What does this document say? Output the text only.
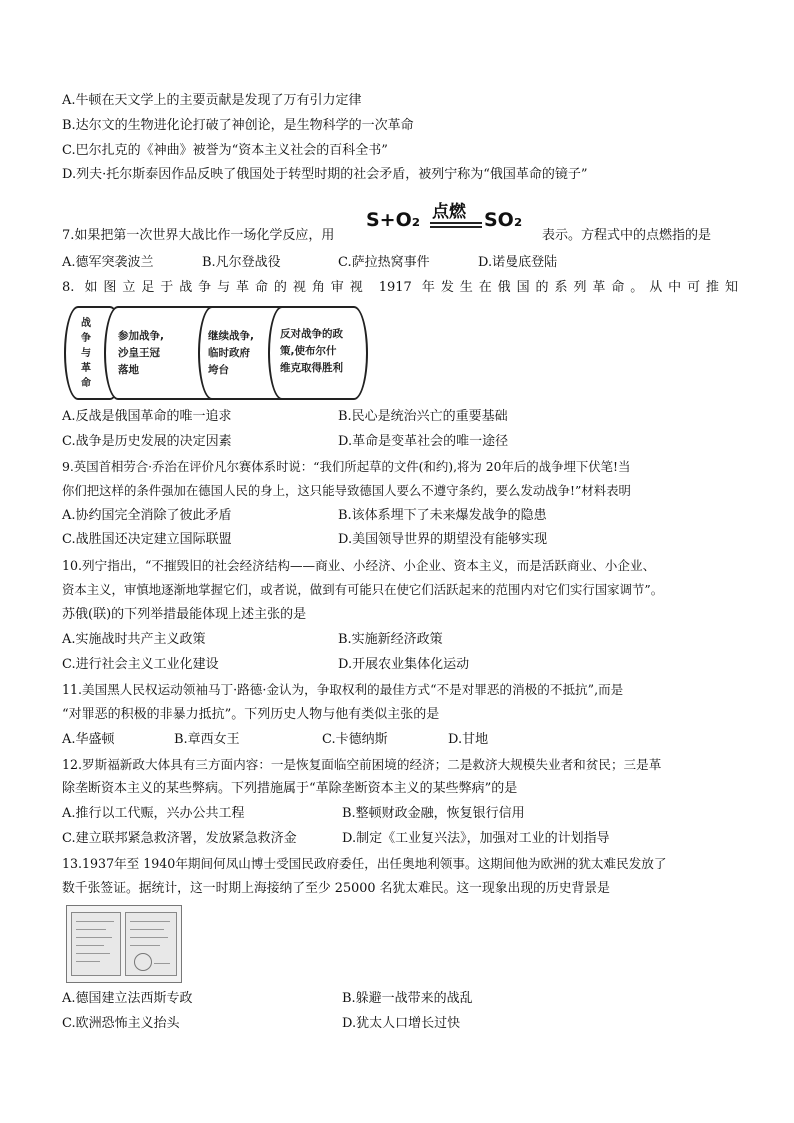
A.牛顿在天文学上的主要贡献是发现了万有引力定律
B.达尔文的生物进化论打破了神创论，是生物科学的一次革命
C.巴尔扎克的《神曲》被誉为“资本主义社会的百科全书”
D.列夫·托尔斯泰因作品反映了俄国处于转型时期的社会矛盾，被列宁称为“俄国革命的镜子”
7.如果把第一次世界大战比作一场化学反应，用
S+O₂ 点燃 SO₂
表示。方程式中的点燃指的是
A.德军突袭波兰	B.凡尔登战役	C.萨拉热窝事件	D.诺曼底登陆
8. 如图立足于战争与革命的视角审视 1917 年发生在俄国的系列革命。从中可推知
战
争
与
革
命
参加战争,
沙皇王冠
落地
继续战争,
临时政府
垮台
反对战争的政
策,使布尔什
维克取得胜利
A.反战是俄国革命的唯一追求	B.民心是统治兴亡的重要基础
C.战争是历史发展的决定因素	D.革命是变革社会的唯一途径
9.英国首相劳合·乔治在评价凡尔赛体系时说：“我们所起草的文件(和约),将为 20年后的战争埋下伏笔!当
你们把这样的条件强加在德国人民的身上，这只能导致德国人要么不遵守条约，要么发动战争!”材料表明
A.协约国完全消除了彼此矛盾	B.该体系埋下了未来爆发战争的隐患
C.战胜国还决定建立国际联盟	D.美国领导世界的期望没有能够实现
10.列宁指出，“不摧毁旧的社会经济结构——商业、小经济、小企业、资本主义，而是活跃商业、小企业、
资本主义，审慎地逐渐地掌握它们，或者说，做到有可能只在使它们活跃起来的范围内对它们实行国家调节”。
苏俄(联)的下列举措最能体现上述主张的是
A.实施战时共产主义政策	B.实施新经济政策
C.进行社会主义工业化建设	D.开展农业集体化运动
11.美国黑人民权运动领袖马丁·路德·金认为，争取权利的最佳方式“不是对罪恶的消极的不抵抗”,而是
“对罪恶的积极的非暴力抵抗”。下列历史人物与他有类似主张的是
A.华盛顿	B.章西女王	C.卡德纳斯	D.甘地
12.罗斯福新政大体具有三方面内容：一是恢复面临空前困境的经济；二是救济大规模失业者和贫民；三是革
除垄断资本主义的某些弊病。下列措施属于“革除垄断资本主义的某些弊病”的是
A.推行以工代赈，兴办公共工程	B.整顿财政金融，恢复银行信用
C.建立联邦紧急救济署，发放紧急救济金	D.制定《工业复兴法》，加强对工业的计划指导
13.1937年至 1940年期间何凤山博士受国民政府委任，出任奥地利领事。这期间他为欧洲的犹太难民发放了
数千张签证。据统计，这一时期上海接纳了至少 25000 名犹太难民。这一现象出现的历史背景是
A.德国建立法西斯专政	B.躲避一战带来的战乱
C.欧洲恐怖主义抬头	D.犹太人口增长过快
